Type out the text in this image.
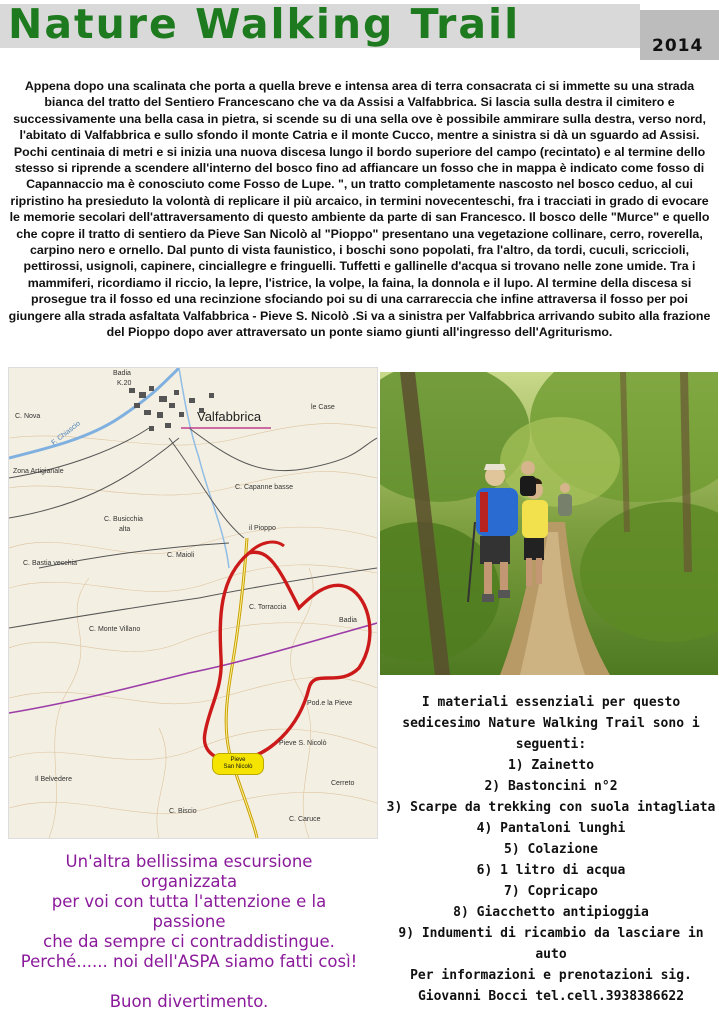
Nature Walking Trail	2014

Appena dopo una scalinata che porta a quella breve e intensa area di terra consacrata ci si immette su una strada bianca del tratto del Sentiero Francescano che va da Assisi a Valfabbrica. Si lascia sulla destra il cimitero e successivamente una bella casa in pietra, si scende su di una sella ove è possibile ammirare sulla destra, verso nord, l'abitato di Valfabbrica e sullo sfondo il monte Catria e il monte Cucco, mentre a sinistra si dà un sguardo ad Assisi. Pochi centinaia di metri e si inizia una nuova discesa lungo il bordo superiore del campo (recintato) e al termine dello stesso si riprende a scendere all'interno del bosco fino ad affiancare un fosso che in mappa è indicato come fosso di Capannaccio ma è conosciuto come Fosso de Lupe. ", un tratto completamente nascosto nel bosco ceduo, al cui ripristino ha presieduto la volontà di replicare il più arcaico, in termini novecenteschi, fra i tracciati in grado di evocare le memorie secolari dell'attraversamento di questo ambiente da parte di san Francesco. Il bosco delle "Murce" e quello che copre il tratto di sentiero da Pieve San Nicolò al "Pioppo" presentano una vegetazione collinare, cerro, roverella, carpino nero e ornello. Dal punto di vista faunistico, i boschi sono popolati, fra l'altro, da tordi, cuculi, scriccioli, pettirossi, usignoli, capinere, cinciallegre e fringuelli. Tuffetti e gallinelle d'acqua si trovano nelle zone umide. Tra i mammiferi, ricordiamo il riccio, la lepre, l'istrice, la volpe, la faina, la donnola e il lupo. Al termine della discesa si prosegue tra il fosso ed una recinzione sfociando poi su di una carrareccia che infine attraversa il fosso per poi giungere alla strada asfaltata Valfabbrica - Pieve S. Nicolò .Si va a sinistra per Valfabbrica arrivando subito alla frazione del Pioppo dopo aver attraversato un ponte siamo giunti all'ingresso dell'Agriturismo.

Valfabbrica
Badia
K.20
C. Nova
F. Chiascio
Zona Artigianale
le Case
C. Capanne basse
C. Busicchia
alta
C. Maioli
il Pioppo
C. Bastia vecchia
C. Torraccia
Badia
C. Monte Villano
Pod.e la Pieve
Pieve S. Nicolò
Il Belvedere
C. Biscio
C. Caruce
Cerreto
Pieve
San Nicolò

Un'altra bellissima escursione

organizzata

per voi con tutta l'attenzione e la

passione

che da sempre ci contraddistingue.

Perché...... noi dell'ASPA siamo fatti così!

Buon divertimento.

I materiali essenziali per questo sedicesimo Nature Walking Trail sono i seguenti:

1) Zainetto
2) Bastoncini n°2
3) Scarpe da trekking con suola intagliata
4) Pantaloni lunghi
5) Colazione
6) 1 litro di acqua
7) Copricapo
8) Giacchetto antipioggia
9) Indumenti di ricambio da lasciare in auto

Per informazioni e prenotazioni sig.

Giovanni Bocci tel.cell.3938386622
